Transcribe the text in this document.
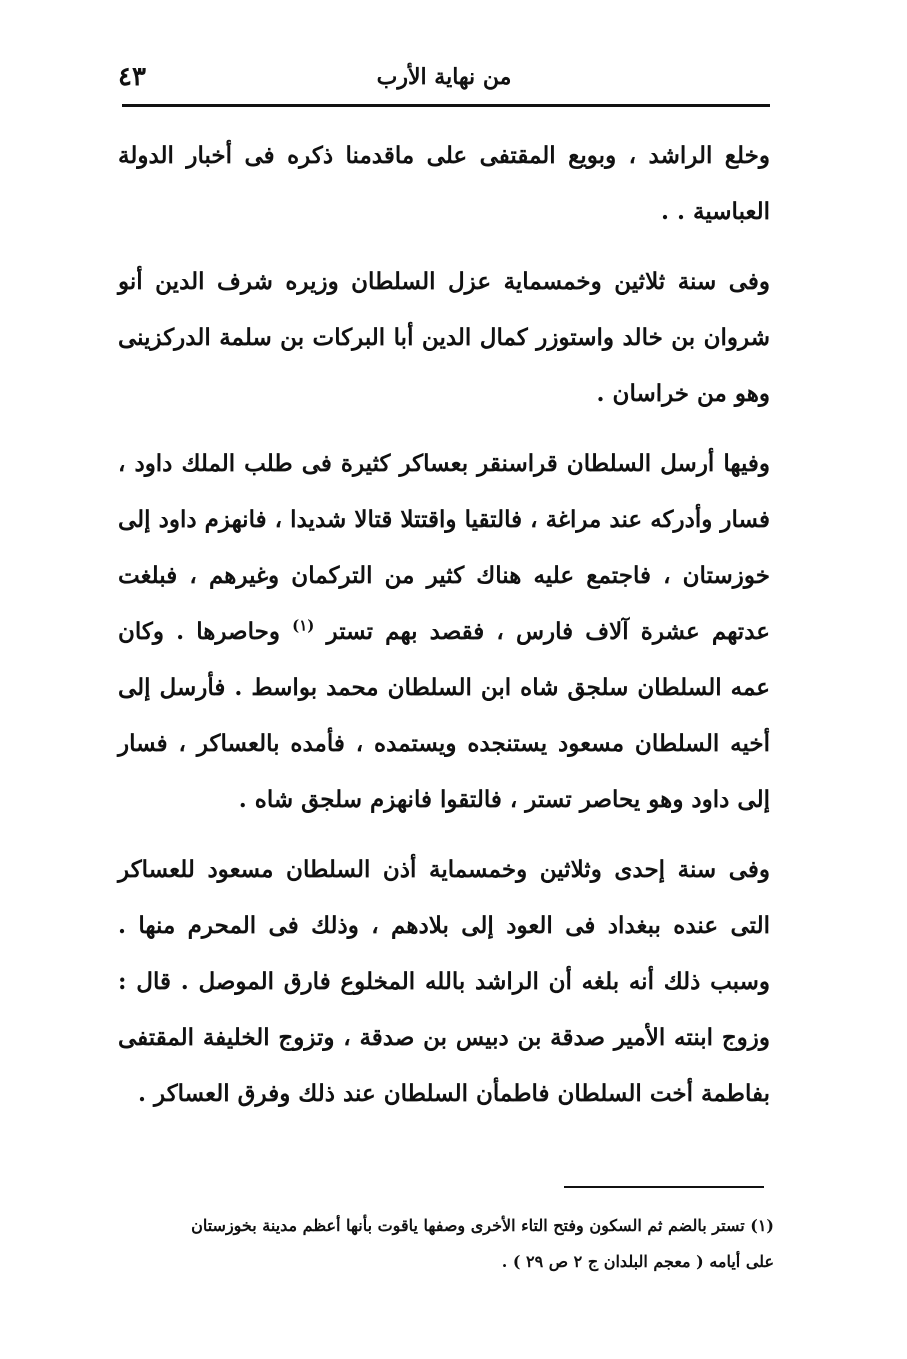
٤٣	من نهاية الأرب

وخلع الراشد ، وبويع المقتفى على ماقدمنا ذكره فى أخبار الدولة العباسية . .

وفى سنة ثلاثين وخمسماية عزل السلطان وزيره شرف الدين أنو شروان بن خالد واستوزر كمال الدين أبا البركات بن سلمة الدركزينى وهو من خراسان .

وفيها أرسل السلطان قراسنقر بعساكر كثيرة فى طلب الملك داود ، فسار وأدركه عند مراغة ، فالتقيا واقتتلا قتالا شديدا ، فانهزم داود إلى خوزستان ، فاجتمع عليه هناك كثير من التركمان وغيرهم ، فبلغت عدتهم عشرة آلاف فارس ، فقصد بهم تستر $^{(١)}$ وحاصرها . وكان عمه السلطان سلجق شاه ابن السلطان محمد بواسط . فأرسل إلى أخيه السلطان مسعود يستنجده ويستمده ، فأمده بالعساكر ، فسار إلى داود وهو يحاصر تستر ، فالتقوا فانهزم سلجق شاه .

وفى سنة إحدى وثلاثين وخمسماية أذن السلطان مسعود للعساكر التى عنده ببغداد فى العود إلى بلادهم ، وذلك فى المحرم منها . وسبب ذلك أنه بلغه أن الراشد بالله المخلوع فارق الموصل . قال : وزوج ابنته الأمير صدقة بن دبيس بن صدقة ، وتزوج الخليفة المقتفى بفاطمة أخت السلطان فاطمأن السلطان عند ذلك وفرق العساكر .

(١) تستر بالضم ثم السكون وفتح التاء الأخرى وصفها ياقوت بأنها أعظم مدينة بخوزستان

على أيامه ( معجم البلدان ج ٢ ص ٢٩ ) .
